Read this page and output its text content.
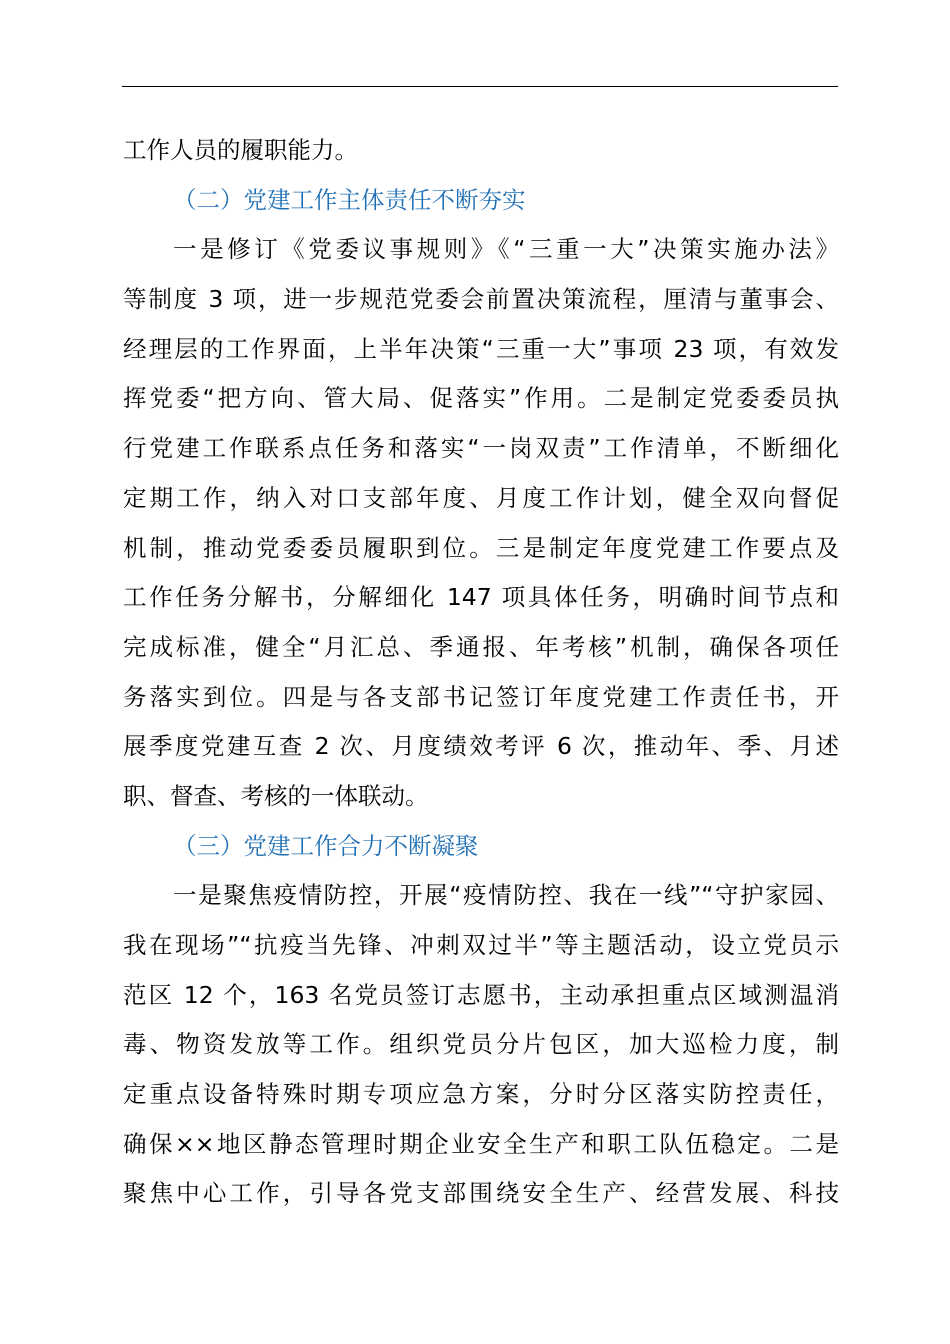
工作人员的履职能力。
（二）党建工作主体责任不断夯实
一是修订《党委议事规则》《“三重一大”决策实施办法》
等制度 3 项，进一步规范党委会前置决策流程，厘清与董事会、
经理层的工作界面，上半年决策“三重一大”事项 23 项，有效发
挥党委“把方向、管大局、促落实”作用。二是制定党委委员执
行党建工作联系点任务和落实“一岗双责”工作清单，不断细化
定期工作，纳入对口支部年度、月度工作计划，健全双向督促
机制，推动党委委员履职到位。三是制定年度党建工作要点及
工作任务分解书，分解细化 147 项具体任务，明确时间节点和
完成标准，健全“月汇总、季通报、年考核”机制，确保各项任
务落实到位。四是与各支部书记签订年度党建工作责任书，开
展季度党建互查 2 次、月度绩效考评 6 次，推动年、季、月述
职、督查、考核的一体联动。
（三）党建工作合力不断凝聚
一是聚焦疫情防控，开展“疫情防控、我在一线”“守护家园、
我在现场”“抗疫当先锋、冲刺双过半”等主题活动，设立党员示
范区 12 个，163 名党员签订志愿书，主动承担重点区域测温消
毒、物资发放等工作。组织党员分片包区，加大巡检力度，制
定重点设备特殊时期专项应急方案，分时分区落实防控责任，
确保××地区静态管理时期企业安全生产和职工队伍稳定。二是
聚焦中心工作，引导各党支部围绕安全生产、经营发展、科技
